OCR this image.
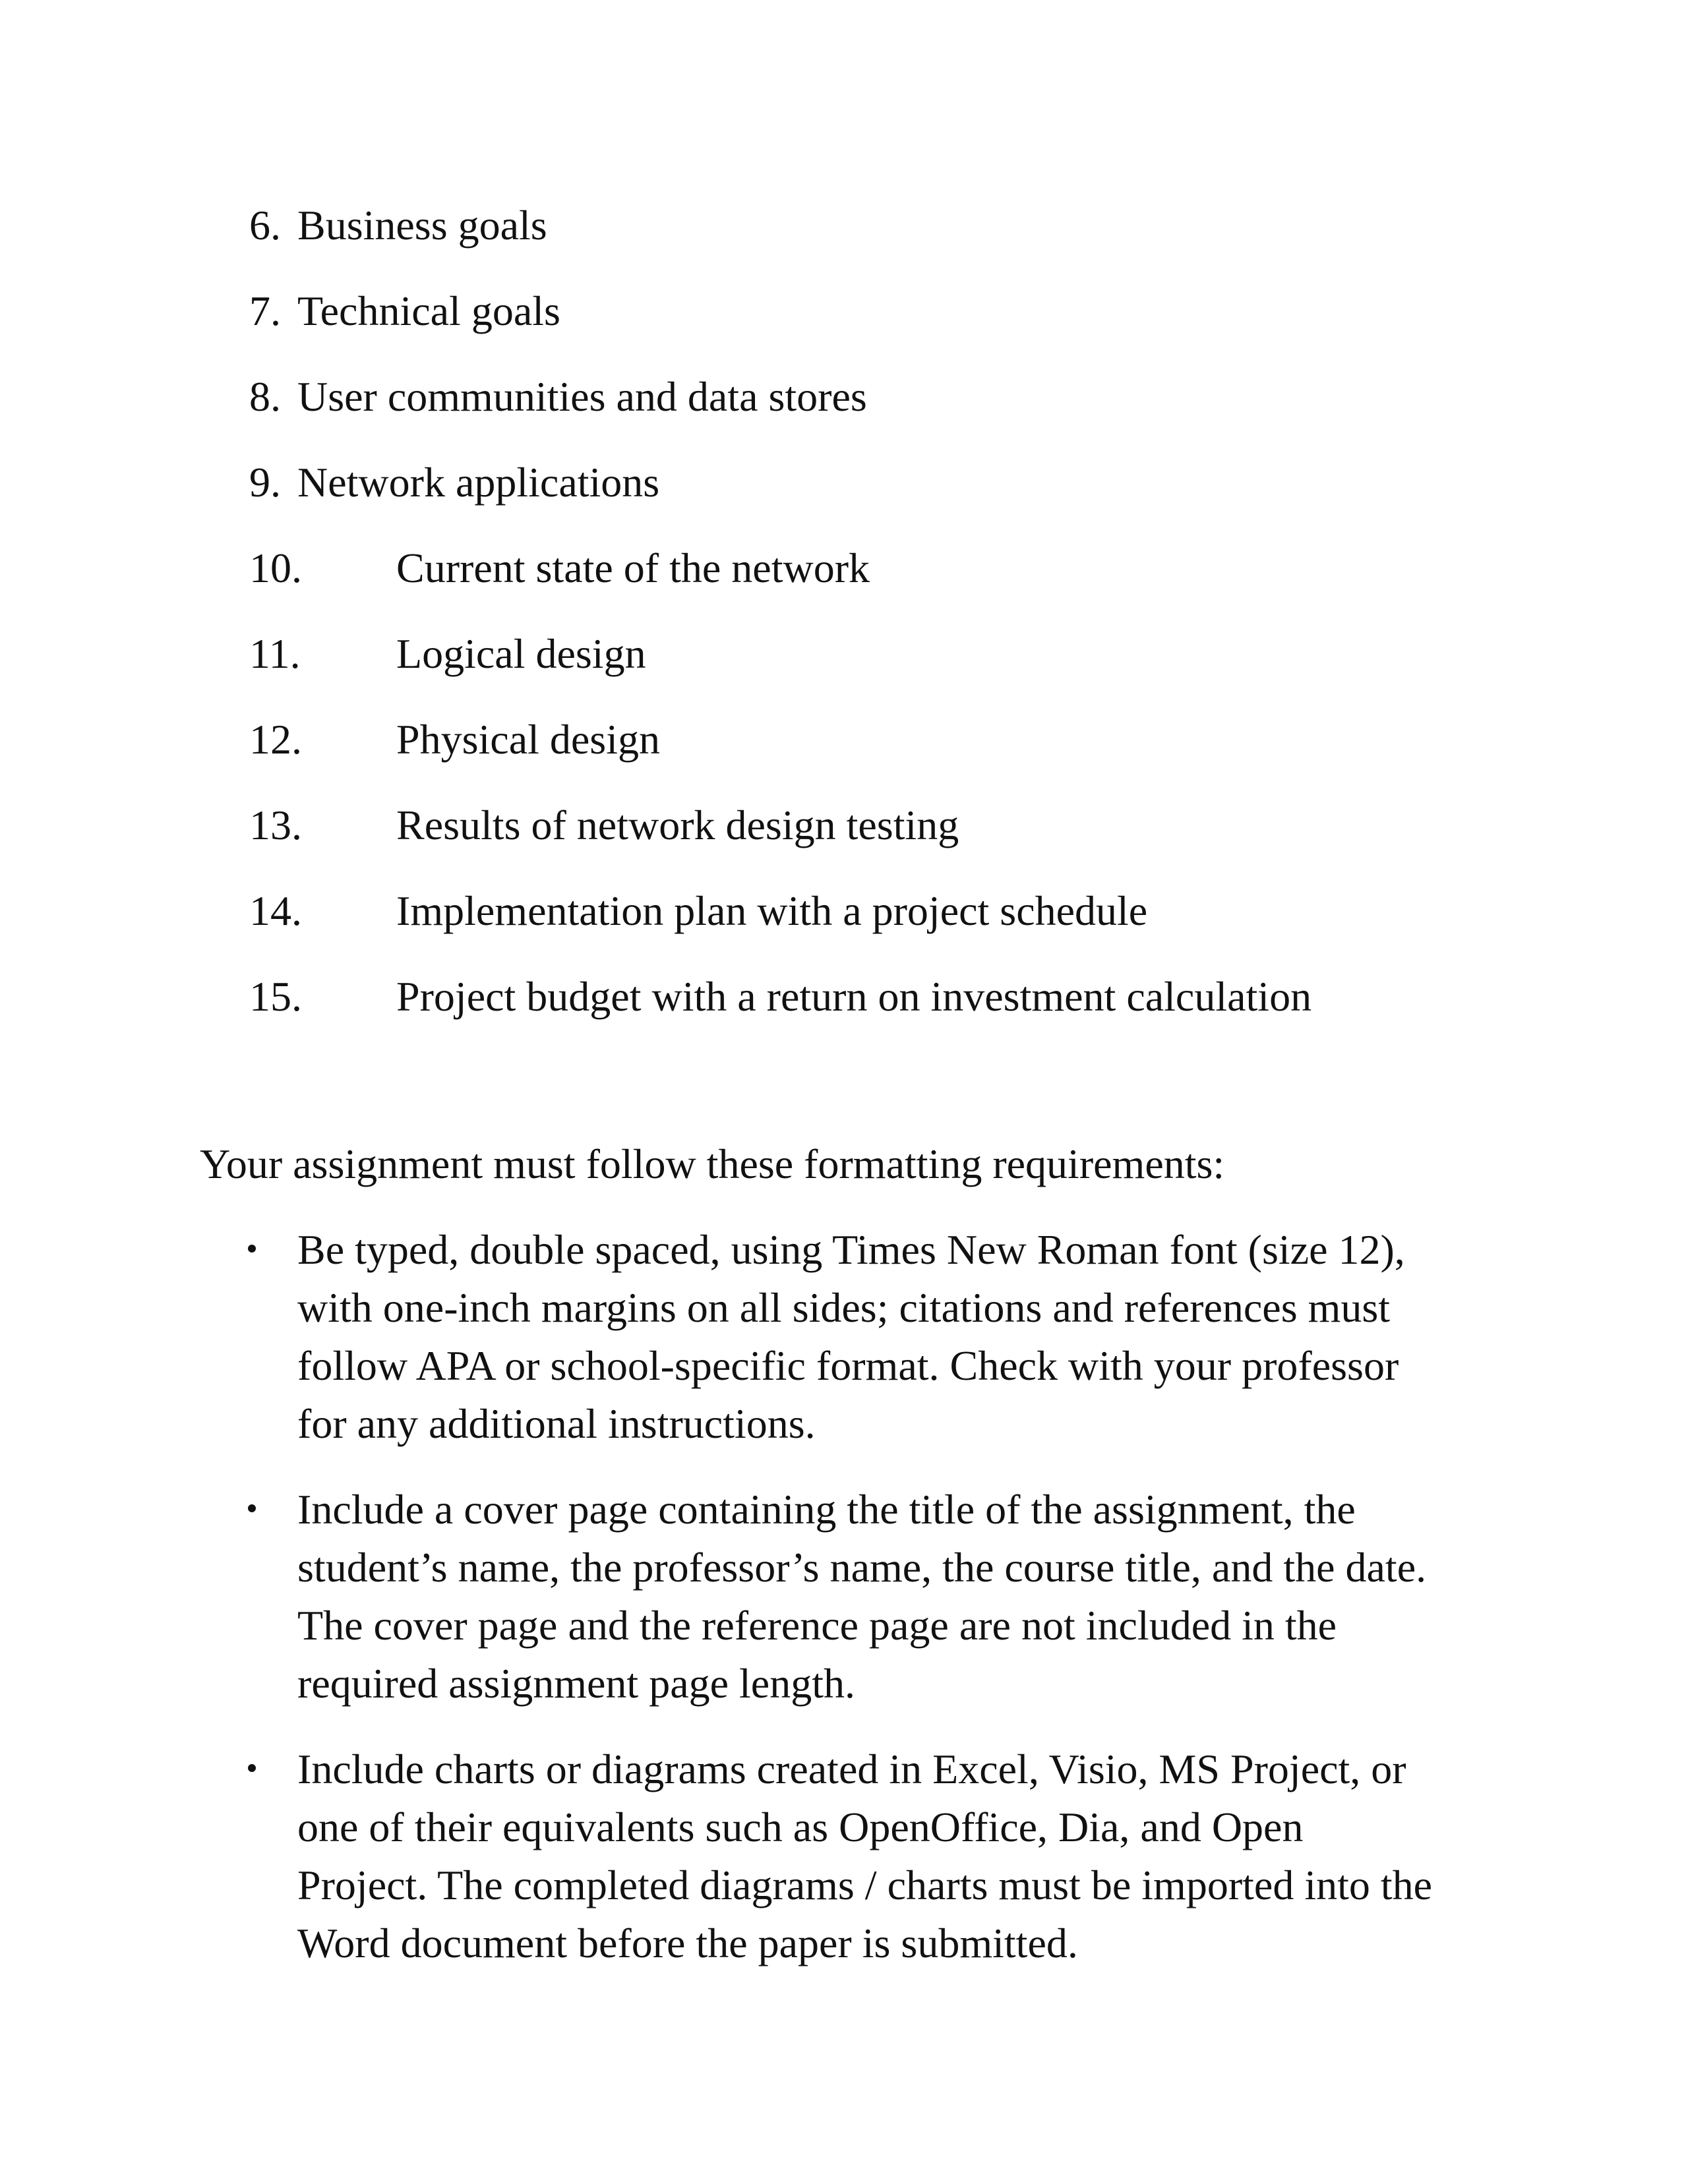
6. Business goals
7. Technical goals
8. User communities and data stores
9. Network applications
10. Current state of the network
11. Logical design
12. Physical design
13. Results of network design testing
14. Implementation plan with a project schedule
15. Project budget with a return on investment calculation
Your assignment must follow these formatting requirements:
Be typed, double spaced, using Times New Roman font (size 12),
with one-inch margins on all sides; citations and references must
follow APA or school-specific format. Check with your professor
for any additional instructions.
Include a cover page containing the title of the assignment, the
student’s name, the professor’s name, the course title, and the date.
The cover page and the reference page are not included in the
required assignment page length.
Include charts or diagrams created in Excel, Visio, MS Project, or
one of their equivalents such as OpenOffice, Dia, and Open
Project. The completed diagrams / charts must be imported into the
Word document before the paper is submitted.
